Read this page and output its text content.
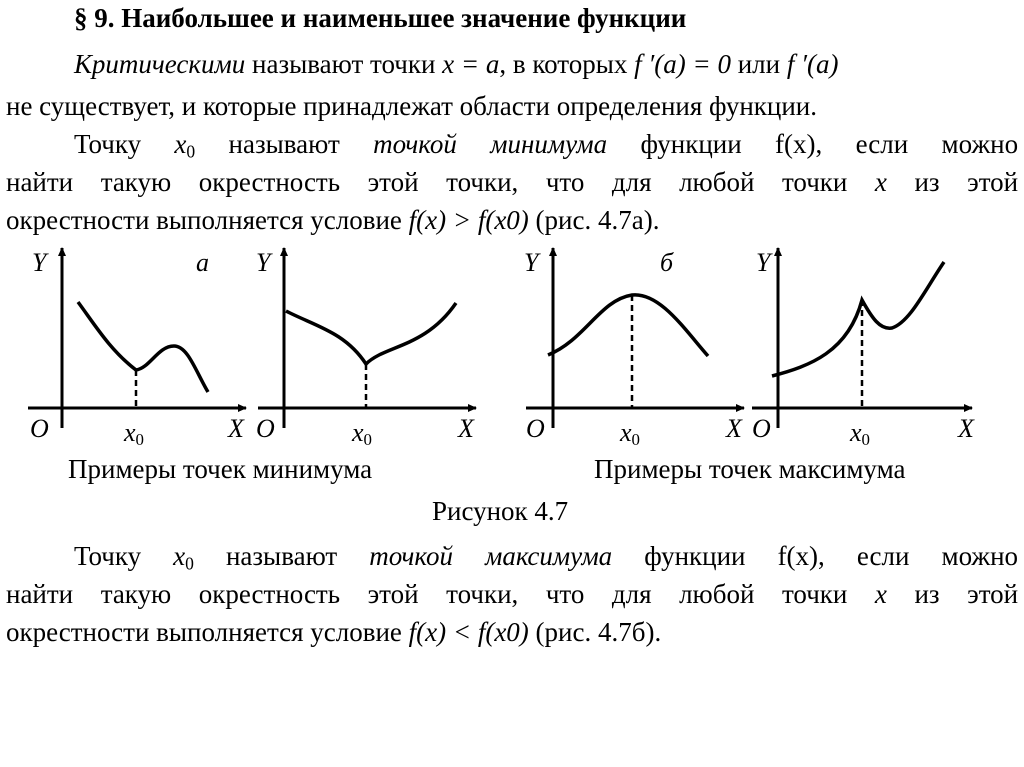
§ 9. Наибольшее и наименьшее значение функции
Критическими называют точки x = a, в которых f ′(a) = 0 или f ′(a)
не существует, и которые принадлежат области определения функции.
Точку $x_0$ называют точкой минимума функции f(x), если можно
найти такую окрестность этой точки, что для любой точки x из этой
окрестности выполняется условие f(x) > f(x0) (рис. 4.7а).
Y	а
O	$x_0$	X
Y
O	$x_0$	X
Y	б
O	$x_0$	X
Y
O	$x_0$	X
Примеры точек минимума	Примеры точек максимума
Рисунок 4.7
Точку $x_0$ называют точкой максимума функции f(x), если можно
найти такую окрестность этой точки, что для любой точки x из этой
окрестности выполняется условие f(x) < f(x0) (рис. 4.7б).
